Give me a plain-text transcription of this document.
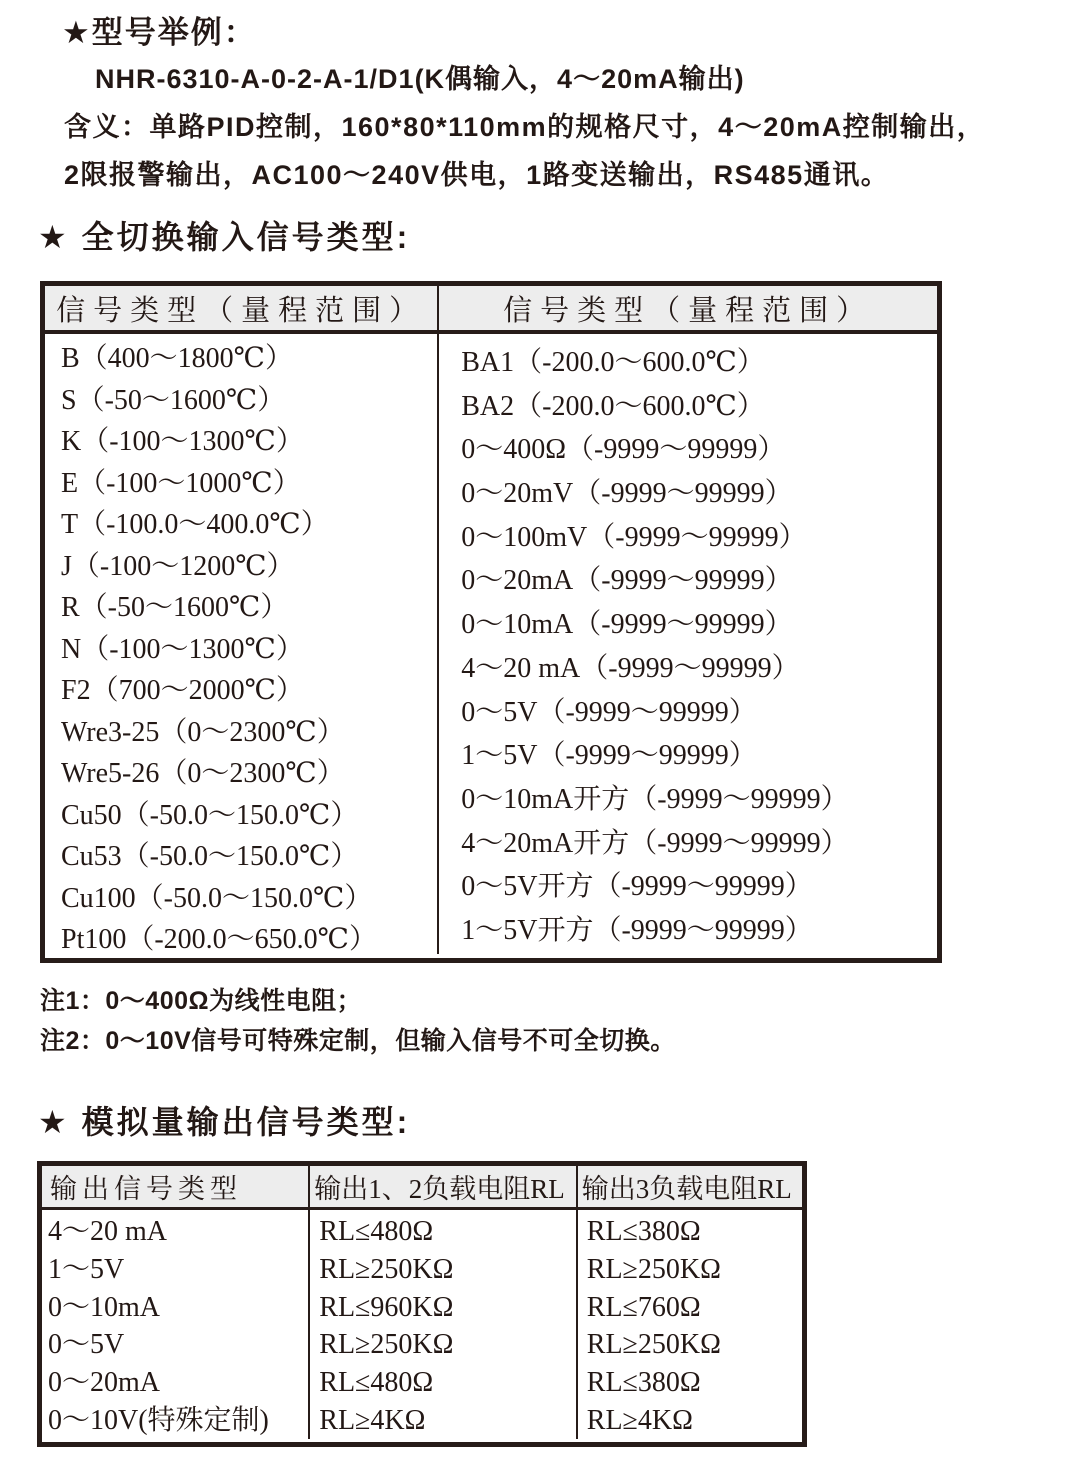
★型号举例：
NHR-6310-A-0-2-A-1/D1(K偶输入，4～20mA输出)
含义：单路PID控制，160*80*110mm的规格尺寸，4～20mA控制输出，
2限报警输出，AC100～240V供电，1路变送输出，RS485通讯。
★ 全切换输入信号类型:
信号类型（量程范围）	信号类型（量程范围）
B（400～1800℃）
S（-50～1600℃）
K（-100～1300℃）
E（-100～1000℃）
T（-100.0～400.0℃）
J（-100～1200℃）
R（-50～1600℃）
N（-100～1300℃）
F2（700～2000℃）
Wre3-25（0～2300℃）
Wre5-26（0～2300℃）
Cu50（-50.0～150.0℃）
Cu53（-50.0～150.0℃）
Cu100（-50.0～150.0℃）
Pt100（-200.0～650.0℃）
BA1（-200.0～600.0℃）
BA2（-200.0～600.0℃）
0～400Ω（-9999～99999）
0～20mV（-9999～99999）
0～100mV（-9999～99999）
0～20mA（-9999～99999）
0～10mA（-9999～99999）
4～20 mA（-9999～99999）
0～5V（-9999～99999）
1～5V（-9999～99999）
0～10mA开方（-9999～99999）
4～20mA开方（-9999～99999）
0～5V开方（-9999～99999）
1～5V开方（-9999～99999）
注1：0～400Ω为线性电阻；
注2：0～10V信号可特殊定制，但输入信号不可全切换。
★ 模拟量输出信号类型:
输出信号类型	输出1、2负载电阻RL 输出3负载电阻RL
4～20 mA
1～5V
0～10mA
0～5V
0～20mA
0～10V(特殊定制)
RL≤480Ω
RL≥250KΩ
RL≤960KΩ
RL≥250KΩ
RL≤480Ω
RL≥4KΩ
RL≤380Ω
RL≥250KΩ
RL≤760Ω
RL≥250KΩ
RL≤380Ω
RL≥4KΩ
